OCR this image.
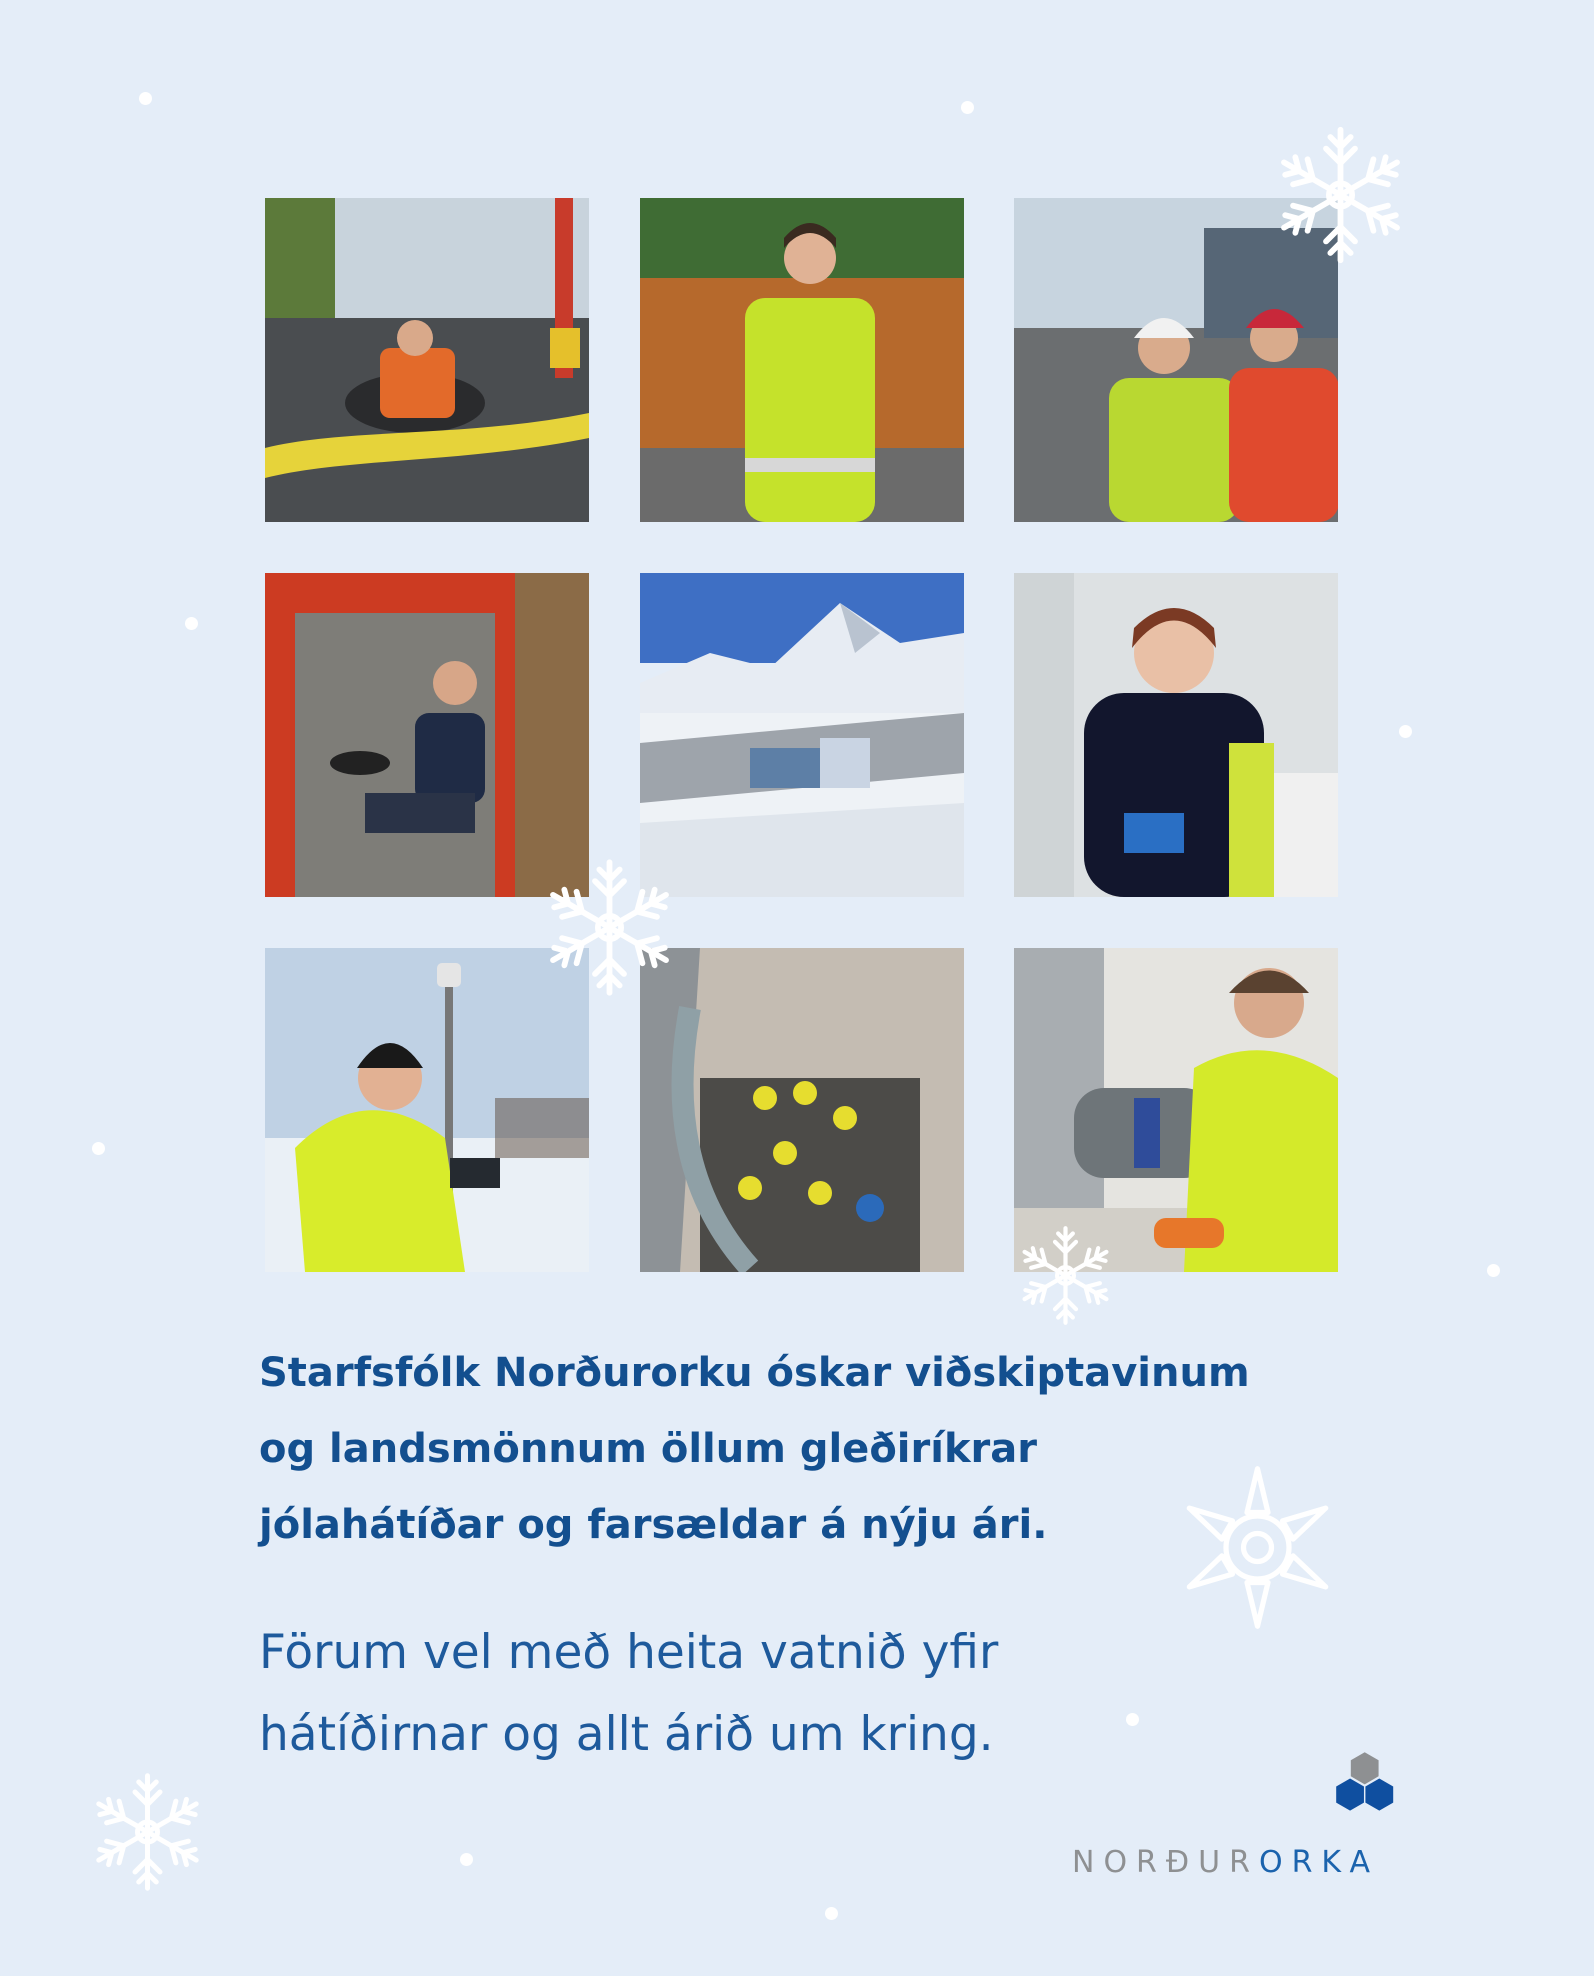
Starfsfólk Norðurorku óskar viðskiptavinum
og landsmönnum öllum gleðiríkrar
jólahátíðar og farsældar á nýju ári.
Förum vel með heita vatnið yfir
hátíðirnar og allt árið um kring.
NORÐURORKA
